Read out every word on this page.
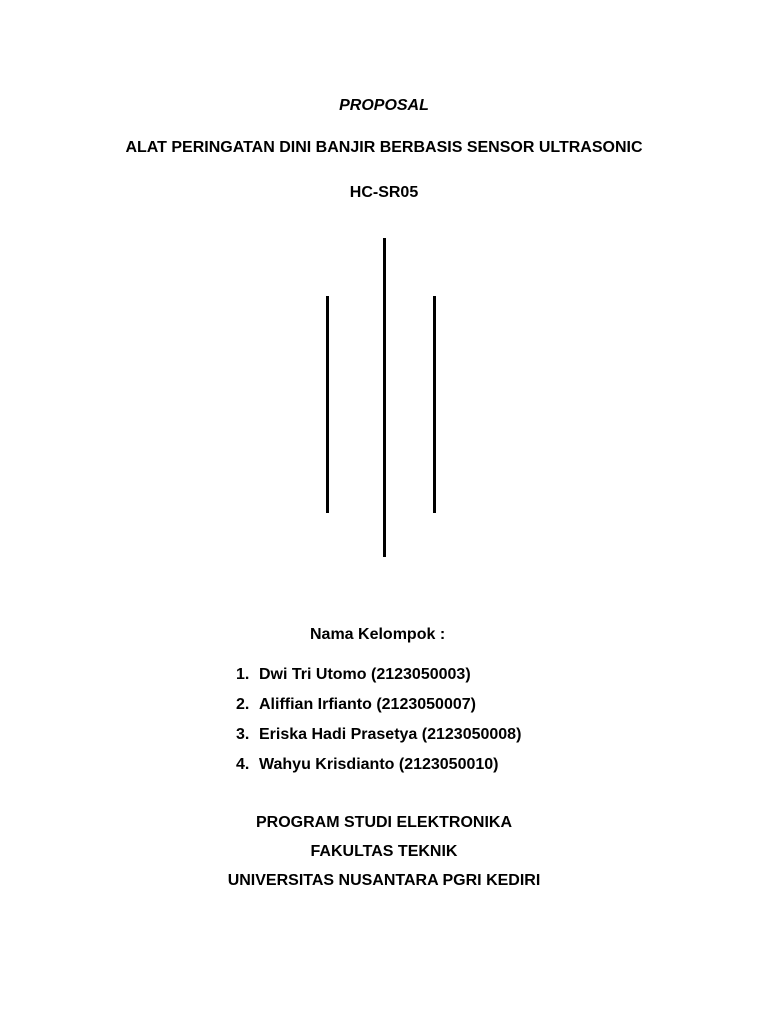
PROPOSAL
ALAT PERINGATAN DINI BANJIR BERBASIS SENSOR ULTRASONIC
HC-SR05
Nama Kelompok :
1. Dwi Tri Utomo (2123050003)
2. Aliffian Irfianto (2123050007)
3. Eriska Hadi Prasetya (2123050008)
4. Wahyu Krisdianto (2123050010)
PROGRAM STUDI ELEKTRONIKA
FAKULTAS TEKNIK
UNIVERSITAS NUSANTARA PGRI KEDIRI
